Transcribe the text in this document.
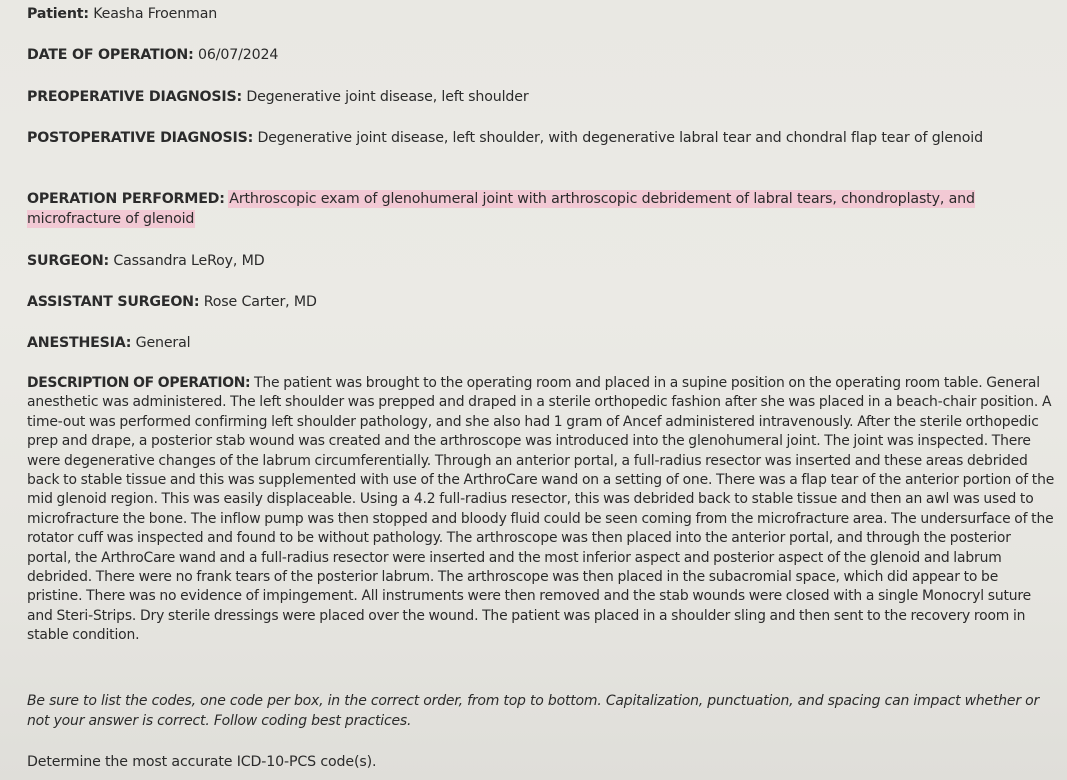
Patient: Keasha Froenman
DATE OF OPERATION: 06/07/2024
PREOPERATIVE DIAGNOSIS: Degenerative joint disease, left shoulder
POSTOPERATIVE DIAGNOSIS: Degenerative joint disease, left shoulder, with degenerative labral tear and chondral flap tear of glenoid
OPERATION PERFORMED: Arthroscopic exam of glenohumeral joint with arthroscopic debridement of labral tears, chondroplasty, and microfracture of glenoid
SURGEON: Cassandra LeRoy, MD
ASSISTANT SURGEON: Rose Carter, MD
ANESTHESIA: General
DESCRIPTION OF OPERATION: The patient was brought to the operating room and placed in a supine position on the operating room table. General anesthetic was administered. The left shoulder was prepped and draped in a sterile orthopedic fashion after she was placed in a beach-chair position. A time-out was performed confirming left shoulder pathology, and she also had 1 gram of Ancef administered intravenously. After the sterile orthopedic prep and drape, a posterior stab wound was created and the arthroscope was introduced into the glenohumeral joint. The joint was inspected. There were degenerative changes of the labrum circumferentially. Through an anterior portal, a full-radius resector was inserted and these areas debrided back to stable tissue and this was supplemented with use of the ArthroCare wand on a setting of one. There was a flap tear of the anterior portion of the mid glenoid region. This was easily displaceable. Using a 4.2 full-radius resector, this was debrided back to stable tissue and then an awl was used to microfracture the bone. The inflow pump was then stopped and bloody fluid could be seen coming from the microfracture area. The undersurface of the rotator cuff was inspected and found to be without pathology. The arthroscope was then placed into the anterior portal, and through the posterior portal, the ArthroCare wand and a full-radius resector were inserted and the most inferior aspect and posterior aspect of the glenoid and labrum debrided. There were no frank tears of the posterior labrum. The arthroscope was then placed in the subacromial space, which did appear to be pristine. There was no evidence of impingement. All instruments were then removed and the stab wounds were closed with a single Monocryl suture and Steri-Strips. Dry sterile dressings were placed over the wound. The patient was placed in a shoulder sling and then sent to the recovery room in stable condition.
Be sure to list the codes, one code per box, in the correct order, from top to bottom. Capitalization, punctuation, and spacing can impact whether or not your answer is correct. Follow coding best practices.
Determine the most accurate ICD-10-PCS code(s).
